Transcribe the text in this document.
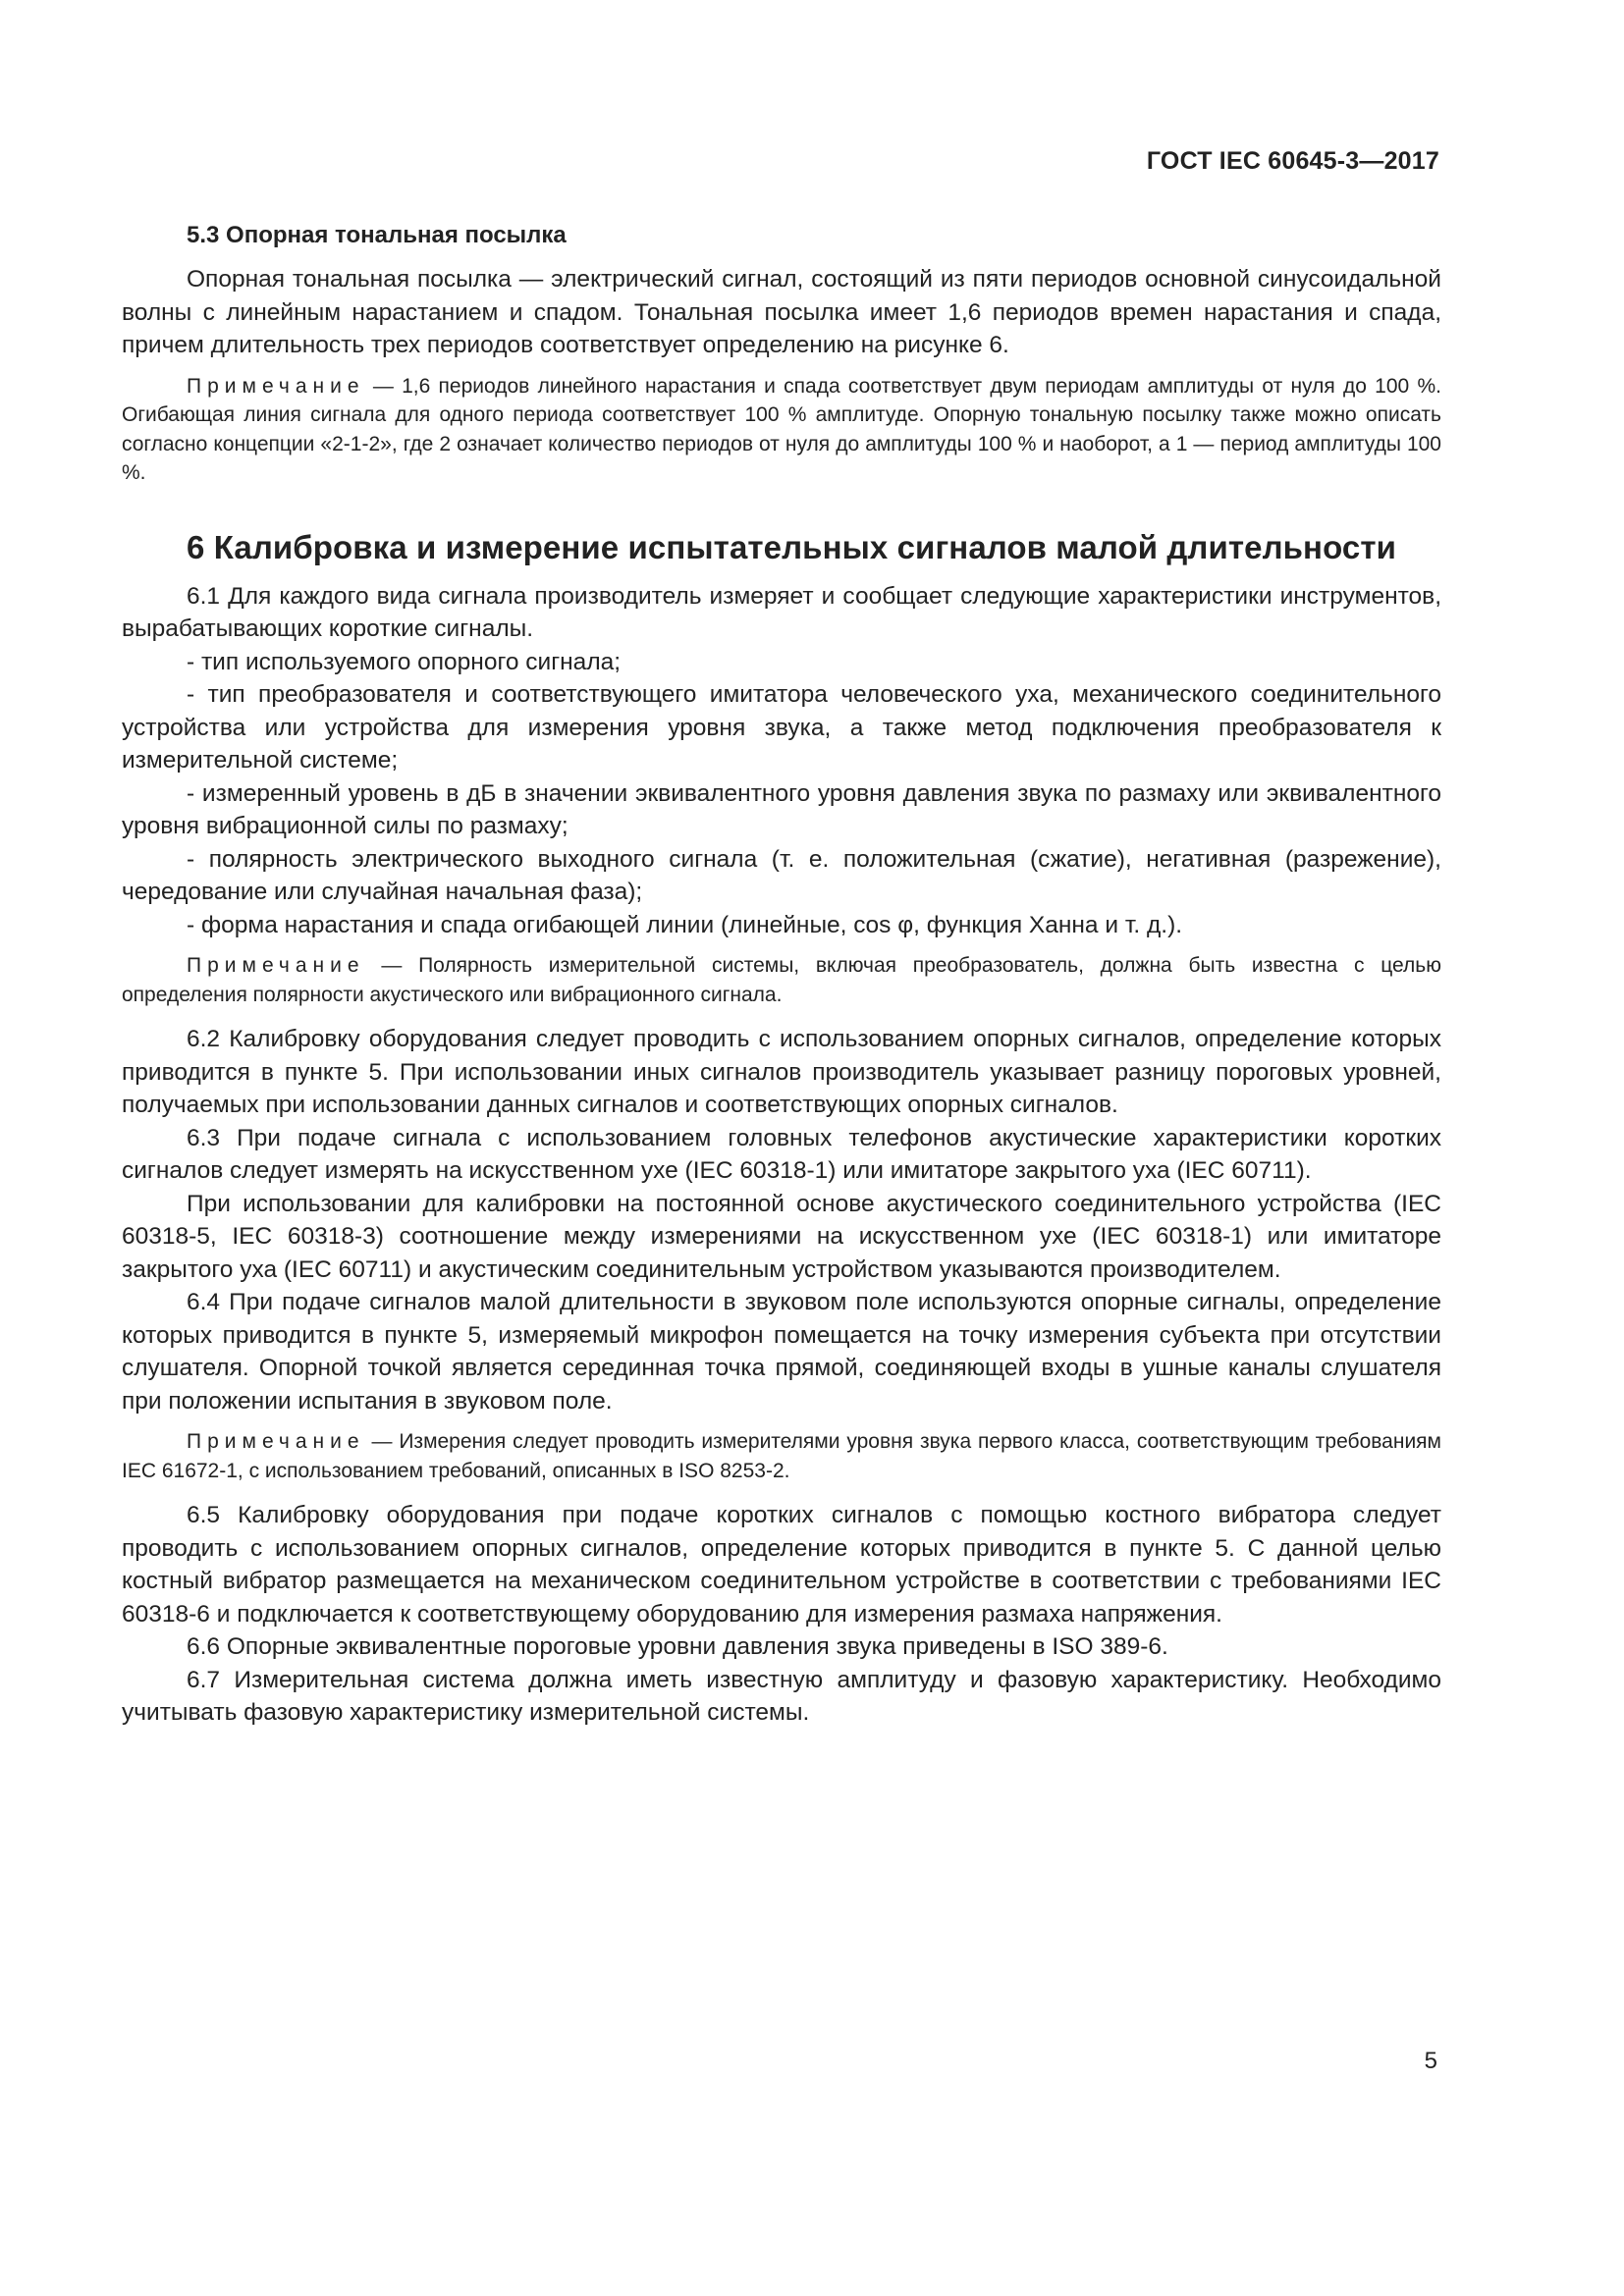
ГОСТ IEC 60645-3—2017
5.3 Опорная тональная посылка

Опорная тональная посылка — электрический сигнал, состоящий из пяти периодов основной синусоидальной волны с линейным нарастанием и спадом. Тональная посылка имеет 1,6 периодов времен нарастания и спада, причем длительность трех периодов соответствует определению на рисунке 6.

Примечание — 1,6 периодов линейного нарастания и спада соответствует двум периодам амплитуды от нуля до 100 %. Огибающая линия сигнала для одного периода соответствует 100 % амплитуде. Опорную тональную посылку также можно описать согласно концепции «2-1-2», где 2 означает количество периодов от нуля до амплитуды 100 % и наоборот, а 1 — период амплитуды 100 %.

6 Калибровка и измерение испытательных сигналов малой длительности

6.1 Для каждого вида сигнала производитель измеряет и сообщает следующие характеристики инструментов, вырабатывающих короткие сигналы.

- тип используемого опорного сигнала;

- тип преобразователя и соответствующего имитатора человеческого уха, механического соединительного устройства или устройства для измерения уровня звука, а также метод подключения преобразователя к измерительной системе;

- измеренный уровень в дБ в значении эквивалентного уровня давления звука по размаху или эквивалентного уровня вибрационной силы по размаху;

- полярность электрического выходного сигнала (т. е. положительная (сжатие), негативная (разрежение), чередование или случайная начальная фаза);

- форма нарастания и спада огибающей линии (линейные, cos φ, функция Ханна и т. д.).

Примечание — Полярность измерительной системы, включая преобразователь, должна быть известна с целью определения полярности акустического или вибрационного сигнала.

6.2 Калибровку оборудования следует проводить с использованием опорных сигналов, определение которых приводится в пункте 5. При использовании иных сигналов производитель указывает разницу пороговых уровней, получаемых при использовании данных сигналов и соответствующих опорных сигналов.

6.3 При подаче сигнала с использованием головных телефонов акустические характеристики коротких сигналов следует измерять на искусственном ухе (IEC 60318-1) или имитаторе закрытого уха (IEC 60711).

При использовании для калибровки на постоянной основе акустического соединительного устройства (IEC 60318-5, IEC 60318-3) соотношение между измерениями на искусственном ухе (IEC 60318-1) или имитаторе закрытого уха (IEC 60711) и акустическим соединительным устройством указываются производителем.

6.4 При подаче сигналов малой длительности в звуковом поле используются опорные сигналы, определение которых приводится в пункте 5, измеряемый микрофон помещается на точку измерения субъекта при отсутствии слушателя. Опорной точкой является серединная точка прямой, соединяющей входы в ушные каналы слушателя при положении испытания в звуковом поле.

Примечание — Измерения следует проводить измерителями уровня звука первого класса, соответствующим требованиям IEC 61672-1, с использованием требований, описанных в ISO 8253-2.

6.5 Калибровку оборудования при подаче коротких сигналов с помощью костного вибратора следует проводить с использованием опорных сигналов, определение которых приводится в пункте 5. С данной целью костный вибратор размещается на механическом соединительном устройстве в соответствии с требованиями IEC 60318-6 и подключается к соответствующему оборудованию для измерения размаха напряжения.

6.6 Опорные эквивалентные пороговые уровни давления звука приведены в ISO 389-6.

6.7 Измерительная система должна иметь известную амплитуду и фазовую характеристику. Необходимо учитывать фазовую характеристику измерительной системы.

5
